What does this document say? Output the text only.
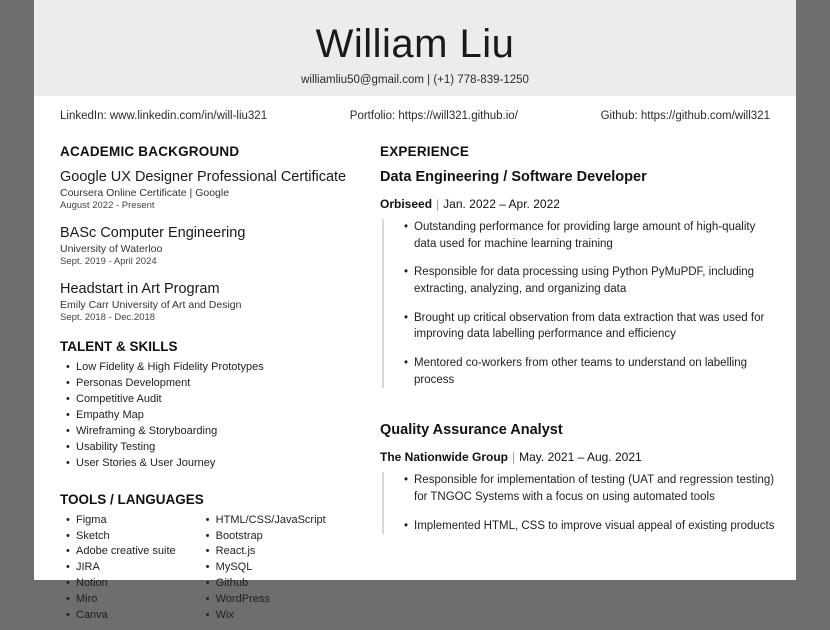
William Liu
williamliu50@gmail.com | (+1) 778-839-1250
LinkedIn: www.linkedin.com/in/will-liu321	Portfolio: https://will321.github.io/	Github: https://github.com/will321
ACADEMIC BACKGROUND
Google UX Designer Professional Certificate
Coursera Online Certificate | Google
August 2022 - Present
BASc Computer Engineering
University of Waterloo
Sept. 2019 - April 2024
Headstart in Art Program
Emily Carr University of Art and Design
Sept. 2018 - Dec.2018
TALENT & SKILLS
• Low Fidelity & High Fidelity Prototypes
• Personas Development
• Competitive Audit
• Empathy Map
• Wireframing & Storyboarding
• Usability Testing
• User Stories & User Journey
TOOLS / LANGUAGES
• Figma
• Sketch
• Adobe creative suite
• JIRA
• Notion
• Miro
• Canva
• HTML/CSS/JavaScript
• Bootstrap
• React.js
• MySQL
• Github
• WordPress
• Wix
EXPERIENCE
Data Engineering / Software Developer
Orbiseed | Jan. 2022 – Apr. 2022
• Outstanding performance for providing large amount of high-quality data used for machine learning training
• Responsible for data processing using Python PyMuPDF, including extracting, analyzing, and organizing data
• Brought up critical observation from data extraction that was used for improving data labelling performance and efficiency
• Mentored co-workers from other teams to understand on labelling process
Quality Assurance Analyst
The Nationwide Group | May. 2021 – Aug. 2021
• Responsible for implementation of testing (UAT and regression testing) for TNGOC Systems with a focus on using automated tools
• Implemented HTML, CSS to improve visual appeal of existing products
